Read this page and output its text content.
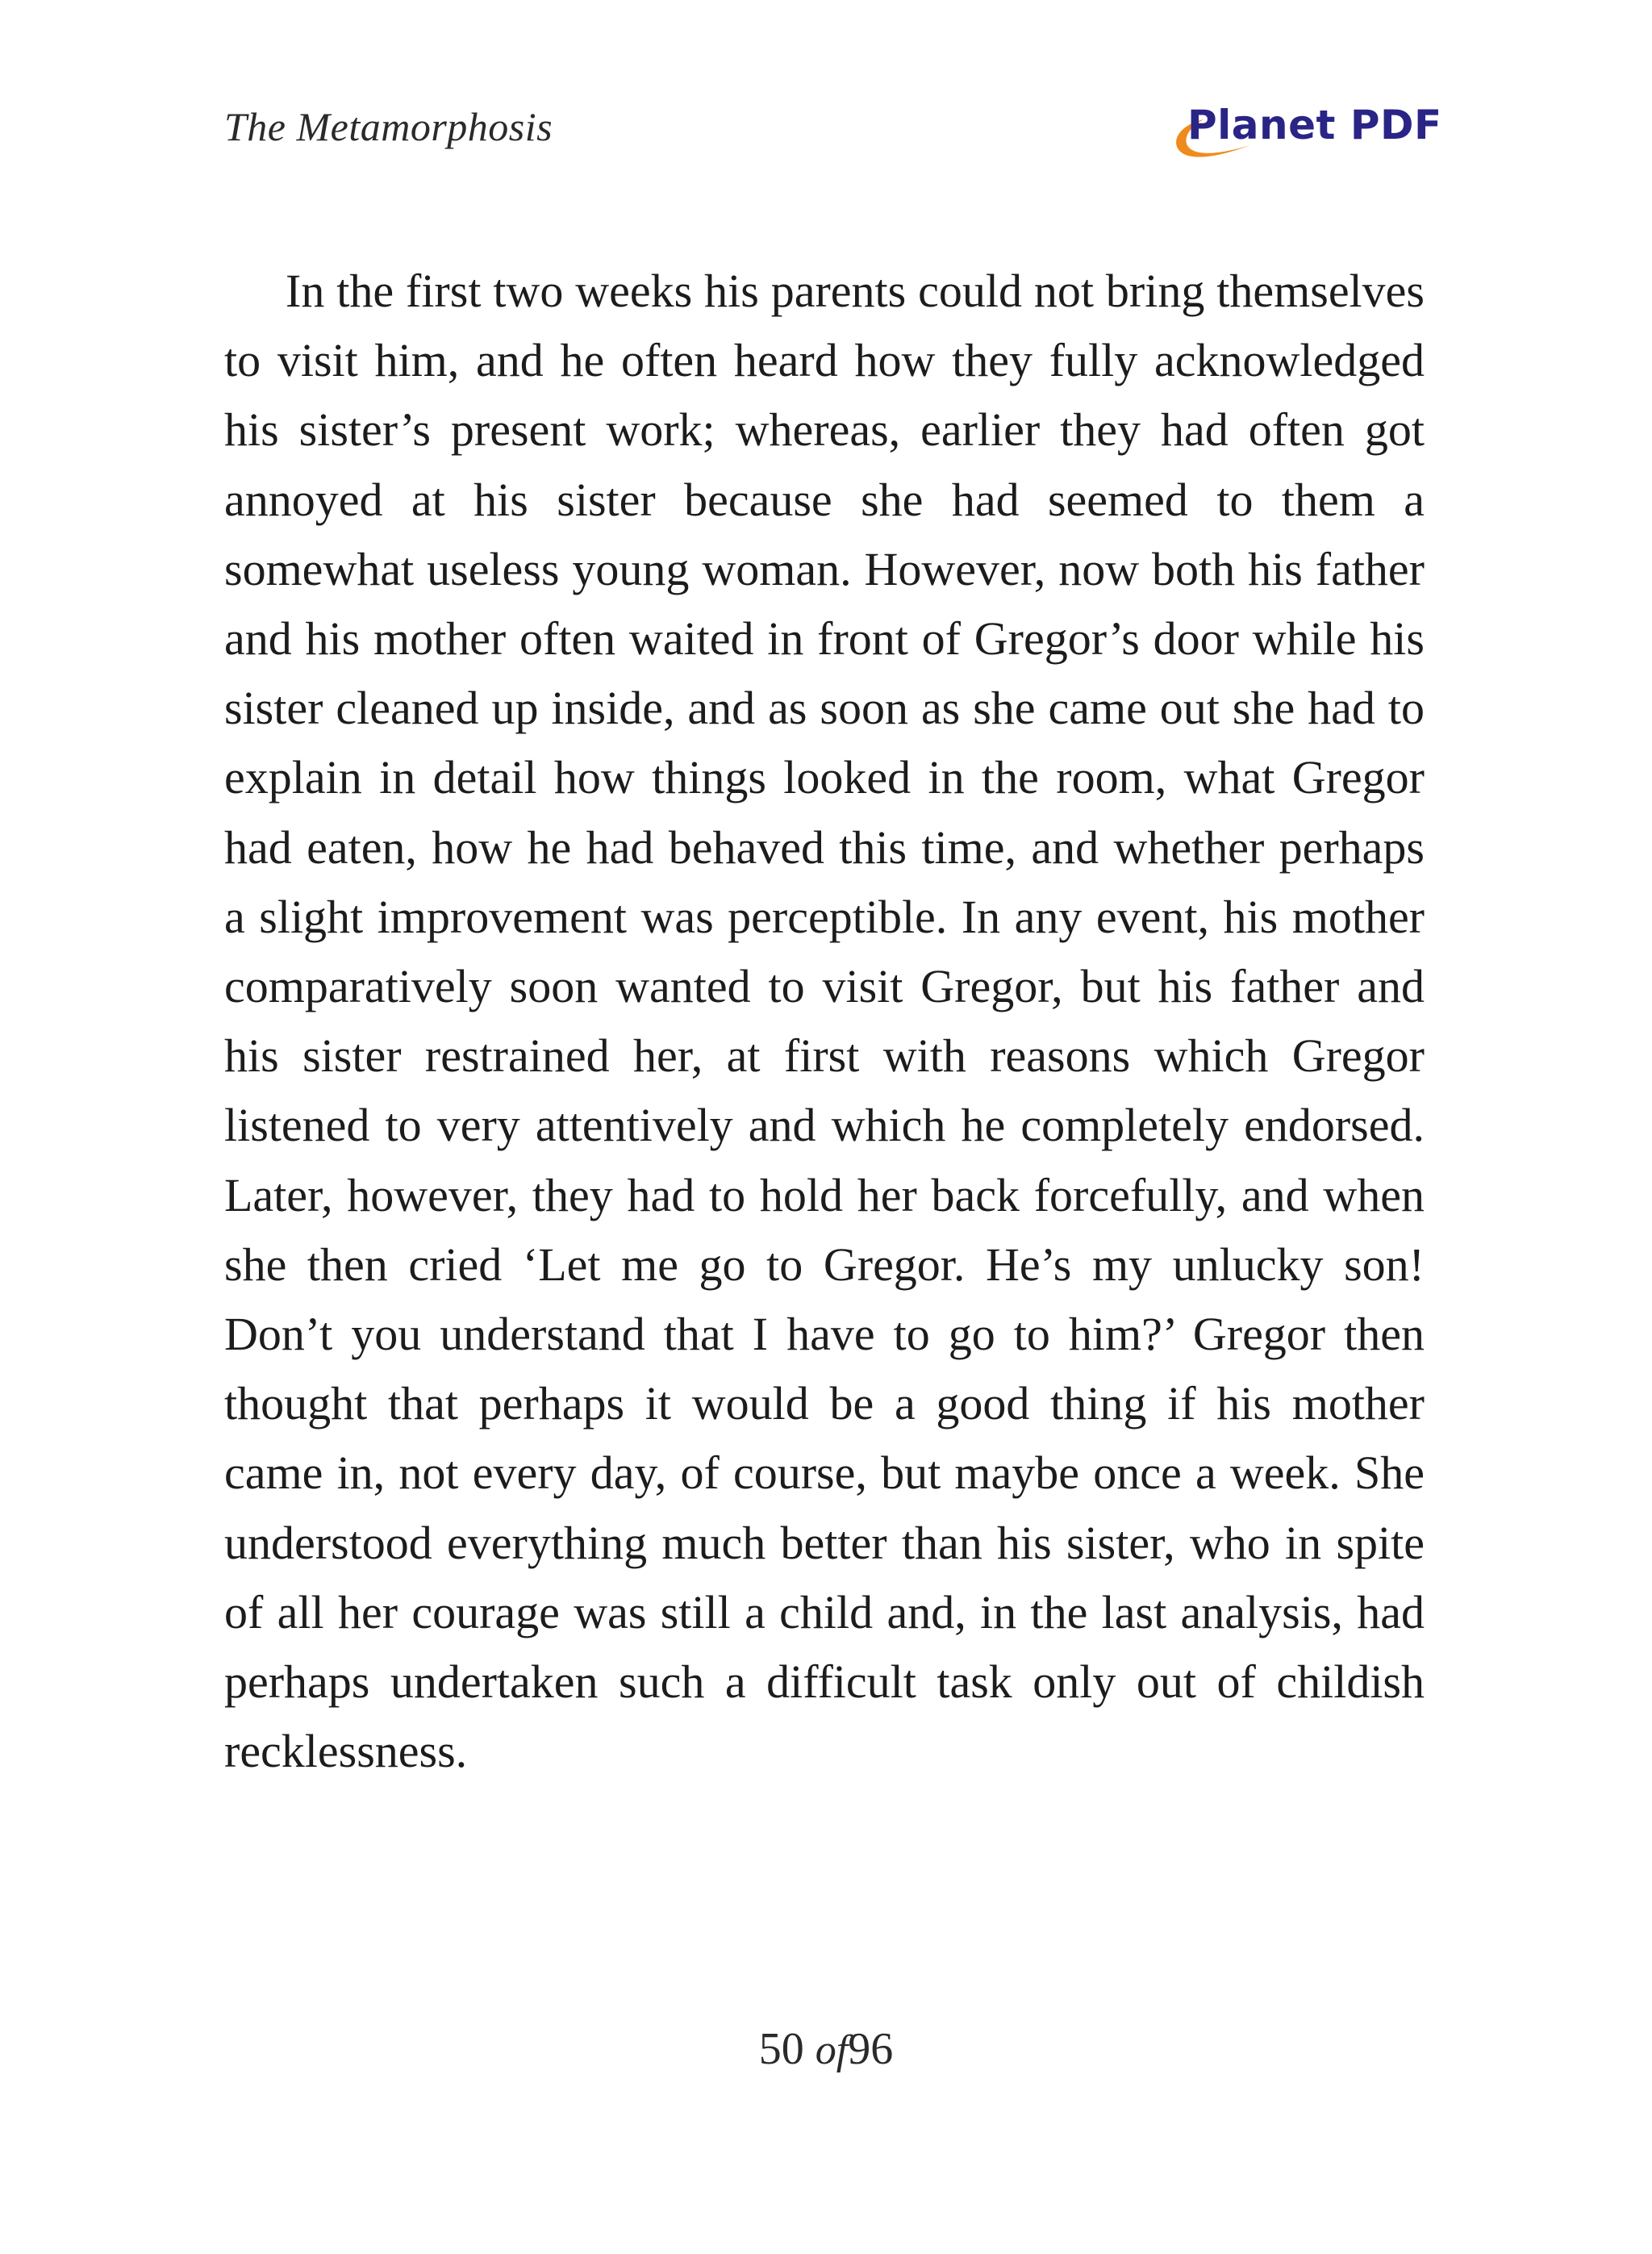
The Metamorphosis	Planet PDF

In the first two weeks his parents could not bring themselves to visit him, and he often heard how they fully acknowledged his sister’s present work; whereas, earlier they had often got annoyed at his sister because she had seemed to them a somewhat useless young woman. However, now both his father and his mother often waited in front of Gregor’s door while his sister cleaned up inside, and as soon as she came out she had to explain in detail how things looked in the room, what Gregor had eaten, how he had behaved this time, and whether perhaps a slight improvement was perceptible. In any event, his mother comparatively soon wanted to visit Gregor, but his father and his sister restrained her, at first with reasons which Gregor listened to very attentively and which he completely endorsed. Later, however, they had to hold her back forcefully, and when she then cried ‘Let me go to Gregor. He’s my unlucky son! Don’t you understand that I have to go to him?’ Gregor then thought that perhaps it would be a good thing if his mother came in, not every day, of course, but maybe once a week. She understood everything much better than his sister, who in spite of all her courage was still a child and, in the last analysis, had perhaps undertaken such a difficult task only out of childish recklessness.

50 of96
